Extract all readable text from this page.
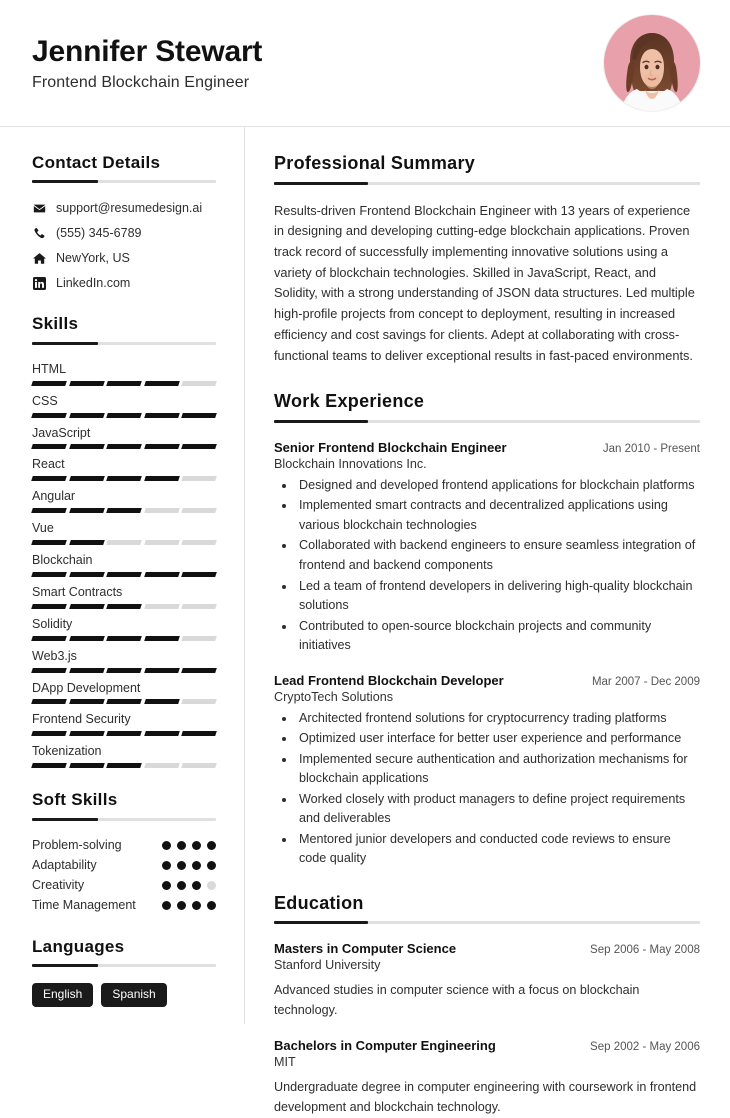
Jennifer Stewart
Frontend Blockchain Engineer
Contact Details
support@resumedesign.ai
(555) 345-6789
NewYork, US
LinkedIn.com
Skills
HTML
CSS
JavaScript
React
Angular
Vue
Blockchain
Smart Contracts
Solidity
Web3.js
DApp Development
Frontend Security
Tokenization
Soft Skills
Problem-solving
Adaptability
Creativity
Time Management
Languages
English	Spanish
Professional Summary

Results-driven Frontend Blockchain Engineer with 13 years of experience in designing and developing cutting-edge blockchain applications. Proven track record of successfully implementing innovative solutions using a variety of blockchain technologies. Skilled in JavaScript, React, and Solidity, with a strong understanding of JSON data structures. Led multiple high-profile projects from concept to deployment, resulting in increased efficiency and cost savings for clients. Adept at collaborating with cross-functional teams to deliver exceptional results in fast-paced environments.

Work Experience
Senior Frontend Blockchain Engineer	Jan 2010 - Present
Blockchain Innovations Inc.
• Designed and developed frontend applications for blockchain platforms
• Implemented smart contracts and decentralized applications using various blockchain technologies
• Collaborated with backend engineers to ensure seamless integration of frontend and backend components
• Led a team of frontend developers in delivering high-quality blockchain solutions
• Contributed to open-source blockchain projects and community initiatives
Lead Frontend Blockchain Developer	Mar 2007 - Dec 2009
CryptoTech Solutions
• Architected frontend solutions for cryptocurrency trading platforms
• Optimized user interface for better user experience and performance
• Implemented secure authentication and authorization mechanisms for blockchain applications
• Worked closely with product managers to define project requirements and deliverables
• Mentored junior developers and conducted code reviews to ensure code quality
Education
Masters in Computer Science	Sep 2006 - May 2008
Stanford University
Advanced studies in computer science with a focus on blockchain technology.
Bachelors in Computer Engineering	Sep 2002 - May 2006
MIT
Undergraduate degree in computer engineering with coursework in frontend development and blockchain technology.
